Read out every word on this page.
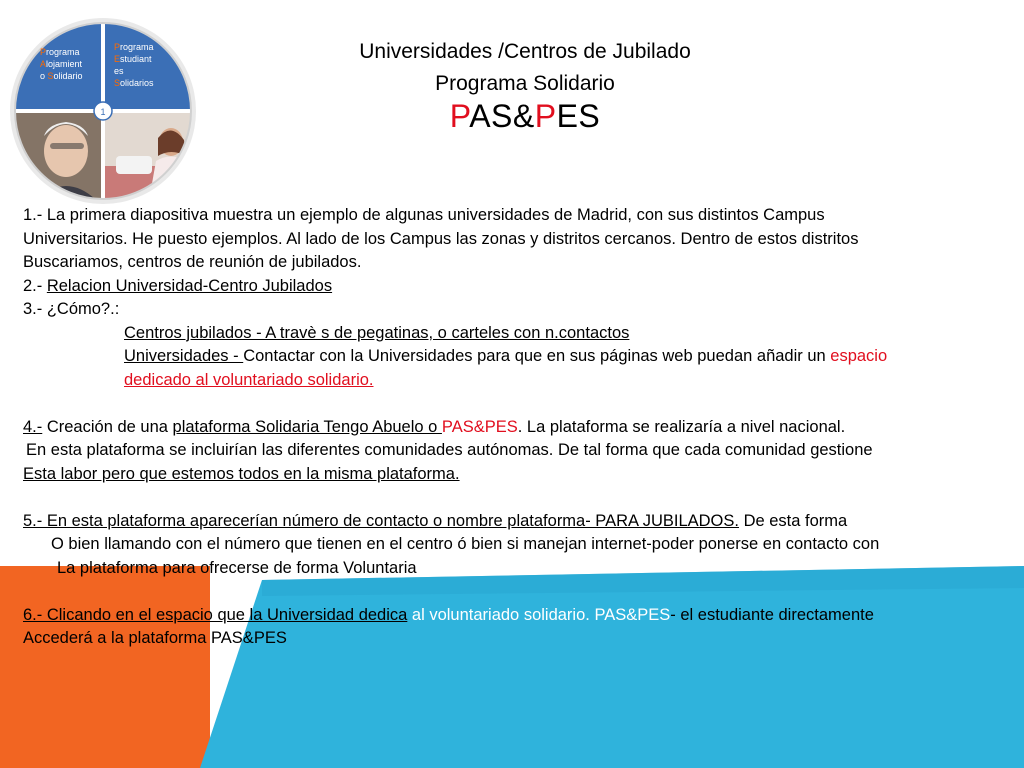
1
Programa
Alojamient
o Solidario
Programa
Estudiant
es
Solidarios
Universidades /Centros de Jubilado
Programa Solidario
PAS&PES
1.- La primera diapositiva muestra un ejemplo de algunas universidades de Madrid, con sus distintos Campus
Universitarios. He puesto ejemplos. Al lado de los Campus las zonas y distritos cercanos. Dentro de estos distritos
Buscariamos, centros de reunión de jubilados.
2.- Relacion Universidad-Centro Jubilados
3.- ¿Cómo?.:
Centros jubilados - A travè s de pegatinas, o carteles con n.contactos
Universidades - Contactar con la Universidades para que en sus páginas web puedan añadir un espacio
dedicado al voluntariado solidario.
4.- Creación de una plataforma Solidaria Tengo Abuelo o PAS&PES. La plataforma se realizaría a nivel nacional.
En esta plataforma se incluirían las diferentes comunidades autónomas. De tal forma que cada comunidad gestione
Esta labor pero que estemos todos en la misma plataforma.
5.- En esta plataforma aparecerían número de contacto o nombre plataforma- PARA JUBILADOS. De esta forma
O bien llamando con el número que tienen en el centro ó bien si manejan internet-poder ponerse en contacto con
La plataforma para ofrecerse de forma Voluntaria
6.- Clicando en el espacio que la Universidad dedica al voluntariado solidario. PAS&PES- el estudiante directamente
Accederá a la plataforma PAS&PES
